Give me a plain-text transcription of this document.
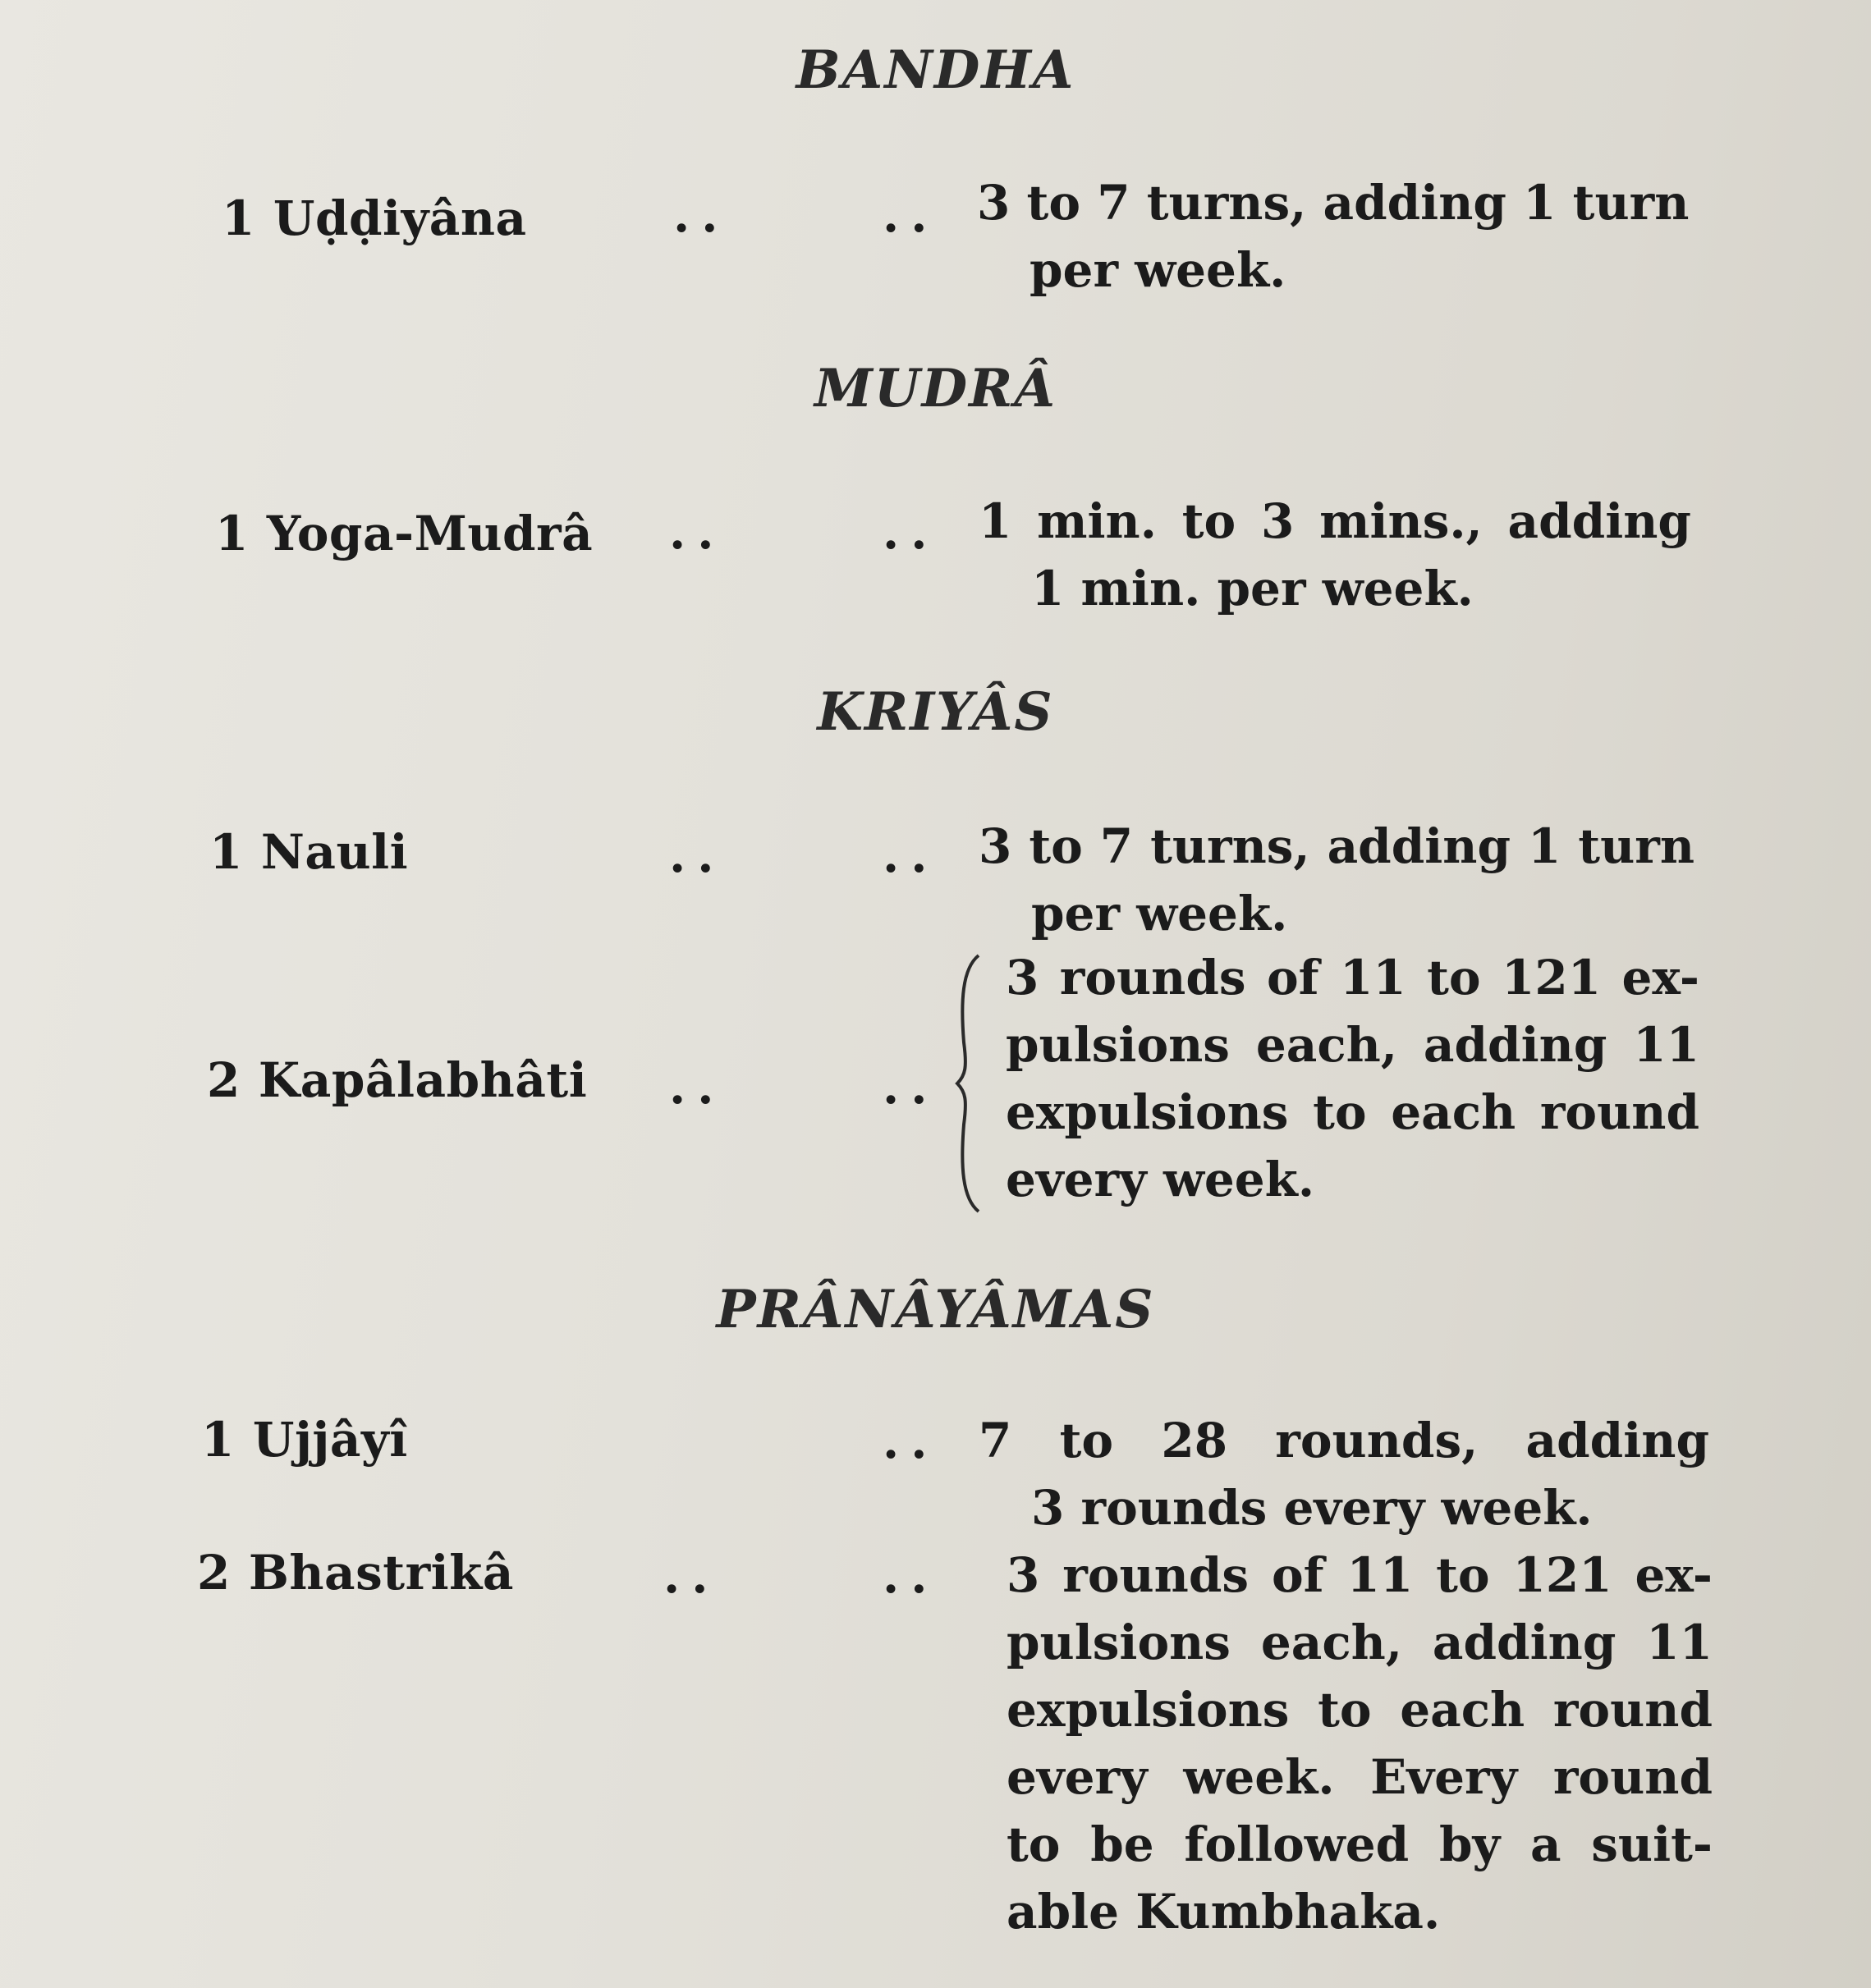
BANDHA
1 Uḍḍiyâna	..	.. 3 to 7 turns, adding 1 turn
per week.
MUDRÂ
1 Yoga-Mudrâ ..	.. 1 min. to 3 mins., adding
1 min. per week.
KRIYÂS
1 Nauli	..	.. 3 to 7 turns, adding 1 turn
per week.
2 Kapâlabhâti ..	..
3 rounds of 11 to 121 ex-
pulsions each, adding 11
expulsions to each round
every week.
PRÂNÂYÂMAS
1 Ujjâyî	.. 7 to 28 rounds, adding
3 rounds every week.
2 Bhastrikâ	..	.. 3 rounds of 11 to 121 ex-
pulsions each, adding 11
expulsions to each round
every week. Every round
to be followed by a suit-
able Kumbhaka.
